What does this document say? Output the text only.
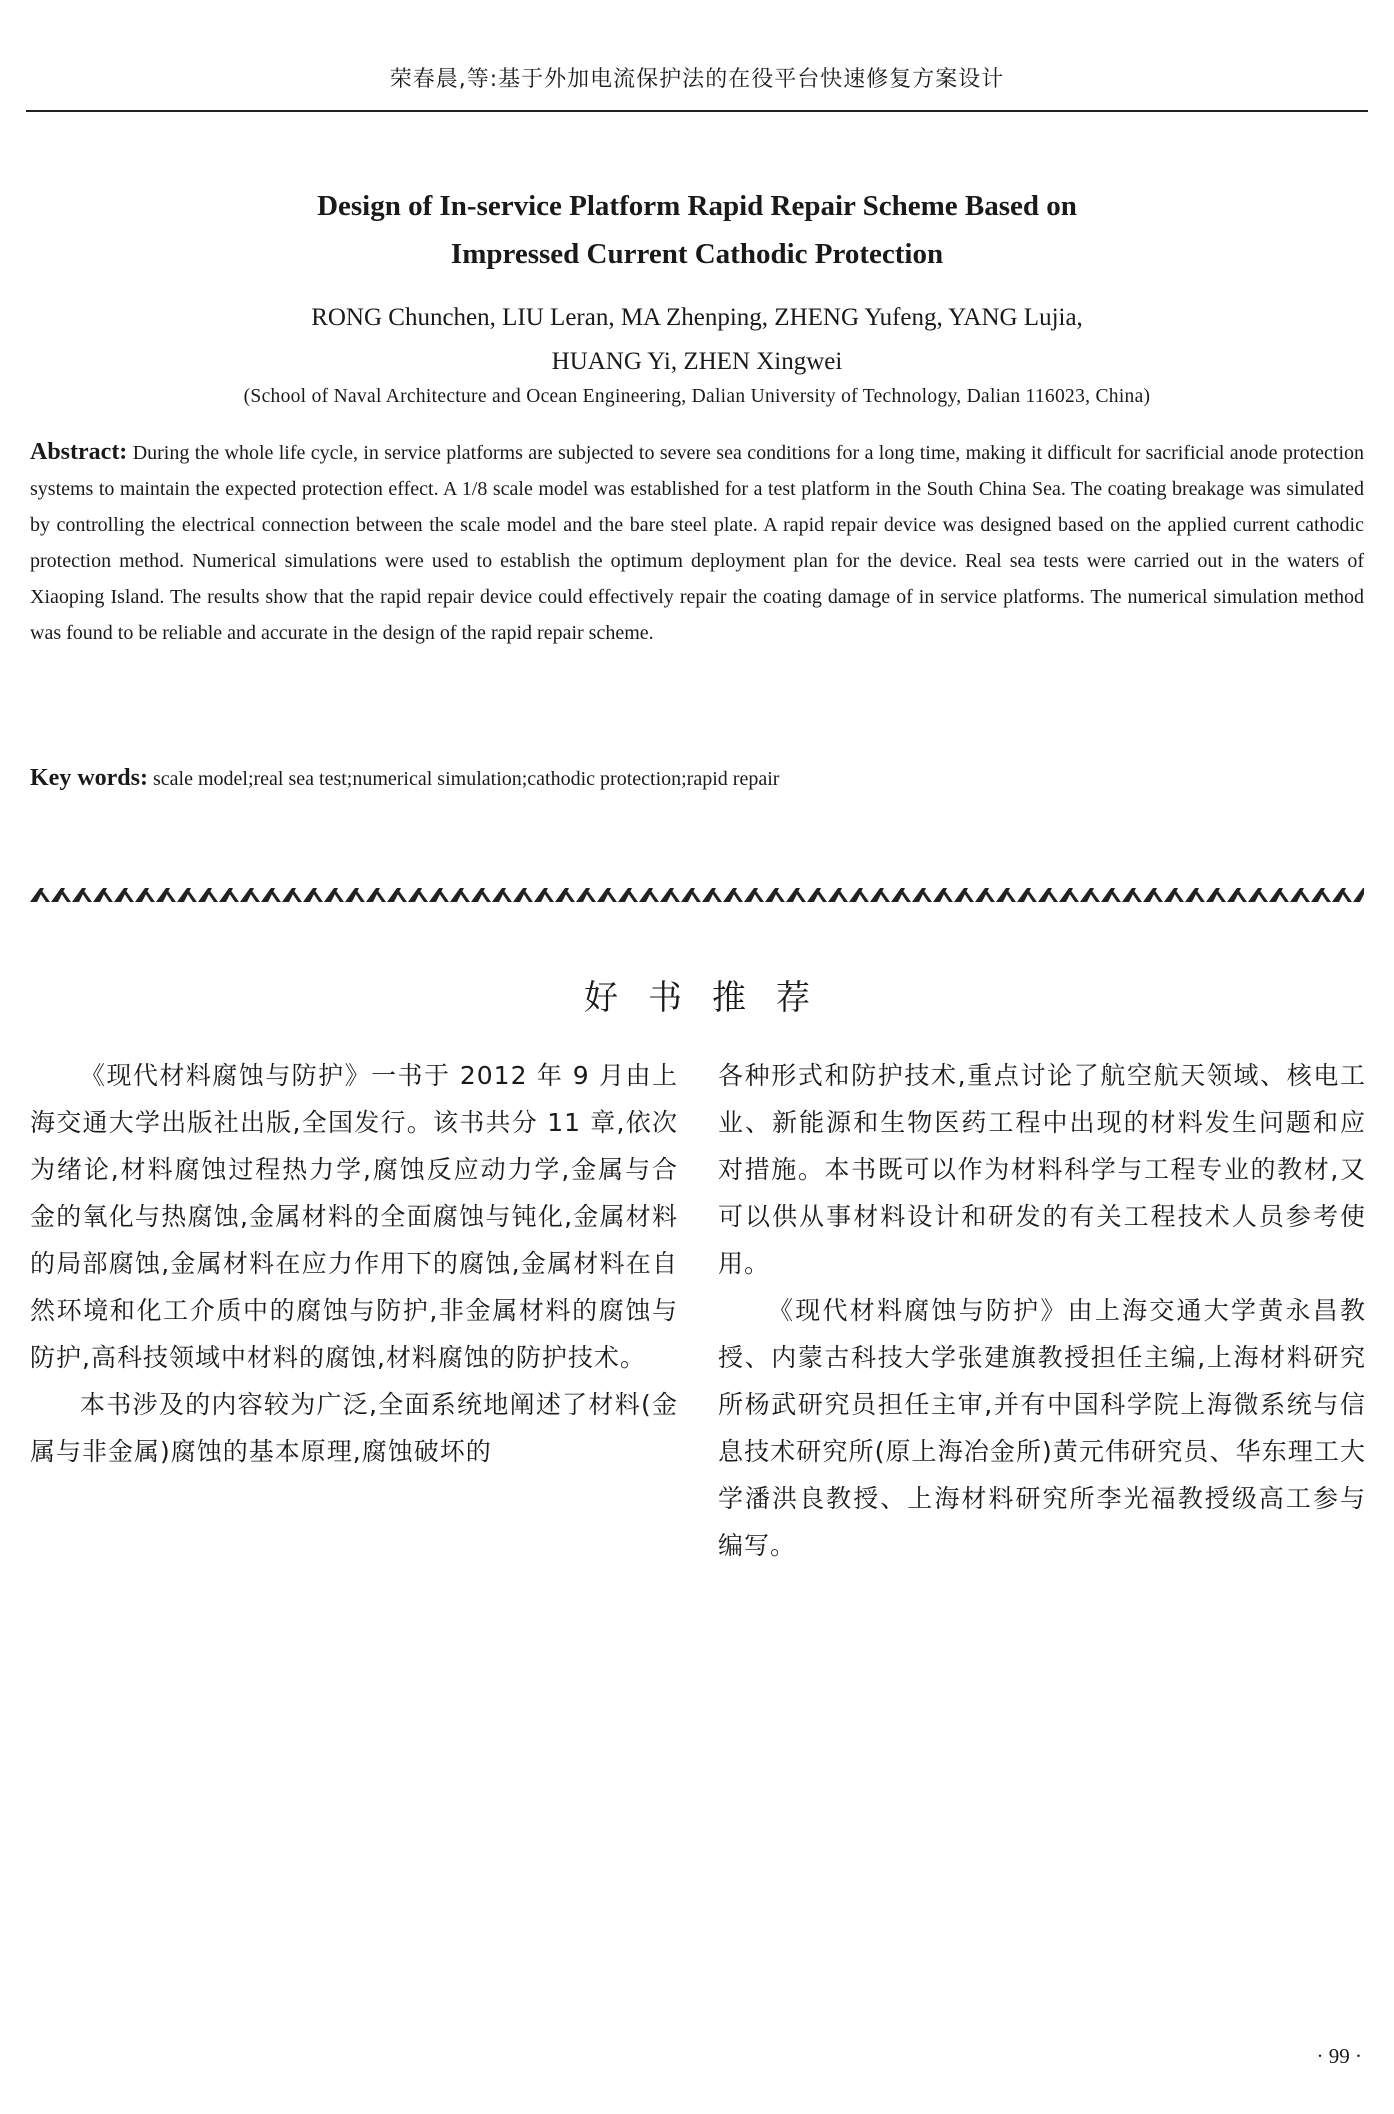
荣春晨,等:基于外加电流保护法的在役平台快速修复方案设计
Design of In-service Platform Rapid Repair Scheme Based on
Impressed Current Cathodic Protection
RONG Chunchen, LIU Leran, MA Zhenping, ZHENG Yufeng, YANG Lujia,
HUANG Yi, ZHEN Xingwei
(School of Naval Architecture and Ocean Engineering, Dalian University of Technology, Dalian 116023, China)
Abstract: During the whole life cycle, in service platforms are subjected to severe sea conditions for a long time, making it difficult for sacrificial anode protection systems to maintain the expected protection effect. A 1/8 scale model was established for a test platform in the South China Sea. The coating breakage was simulated by controlling the electrical connection between the scale model and the bare steel plate. A rapid repair device was designed based on the applied current cathodic protection method. Numerical simulations were used to establish the optimum deployment plan for the device. Real sea tests were carried out in the waters of Xiaoping Island. The results show that the rapid repair device could effectively repair the coating damage of in service platforms. The numerical simulation method was found to be reliable and accurate in the design of the rapid repair scheme.
Key words: scale model;real sea test;numerical simulation;cathodic protection;rapid repair
好书推荐

《现代材料腐蚀与防护》一书于 2012 年 9 月由上海交通大学出版社出版,全国发行。该书共分 11 章,依次为绪论,材料腐蚀过程热力学,腐蚀反应动力学,金属与合金的氧化与热腐蚀,金属材料的全面腐蚀与钝化,金属材料的局部腐蚀,金属材料在应力作用下的腐蚀,金属材料在自然环境和化工介质中的腐蚀与防护,非金属材料的腐蚀与防护,高科技领域中材料的腐蚀,材料腐蚀的防护技术。

本书涉及的内容较为广泛,全面系统地阐述了材料(金属与非金属)腐蚀的基本原理,腐蚀破坏的

各种形式和防护技术,重点讨论了航空航天领域、核电工业、新能源和生物医药工程中出现的材料发生问题和应对措施。本书既可以作为材料科学与工程专业的教材,又可以供从事材料设计和研发的有关工程技术人员参考使用。

《现代材料腐蚀与防护》由上海交通大学黄永昌教授、内蒙古科技大学张建旗教授担任主编,上海材料研究所杨武研究员担任主审,并有中国科学院上海微系统与信息技术研究所(原上海冶金所)黄元伟研究员、华东理工大学潘洪良教授、上海材料研究所李光福教授级高工参与编写。

· 99 ·
